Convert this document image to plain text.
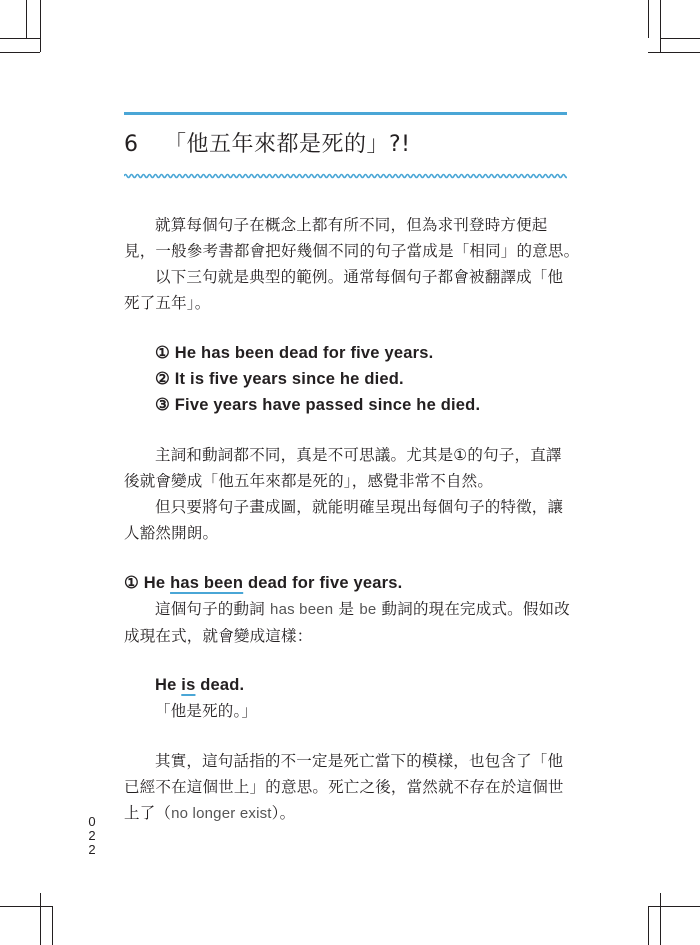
6 「他五年來都是死的」?!
就算每個句子在概念上都有所不同，但為求刊登時方便起
見，一般參考書都會把好幾個不同的句子當成是「相同」的意思。
以下三句就是典型的範例。通常每個句子都會被翻譯成「他
死了五年」。
① He has been dead for five years.
② It is five years since he died.
③ Five years have passed since he died.
主詞和動詞都不同，真是不可思議。尤其是①的句子，直譯
後就會變成「他五年來都是死的」，感覺非常不自然。
但只要將句子畫成圖，就能明確呈現出每個句子的特徵，讓
人豁然開朗。
① He has been dead for five years.
這個句子的動詞 has been 是 be 動詞的現在完成式。假如改
成現在式，就會變成這樣：
He is dead.
「他是死的。」
其實，這句話指的不一定是死亡當下的模樣，也包含了「他
已經不在這個世上」的意思。死亡之後，當然就不存在於這個世
上了（no longer exist）。
022
